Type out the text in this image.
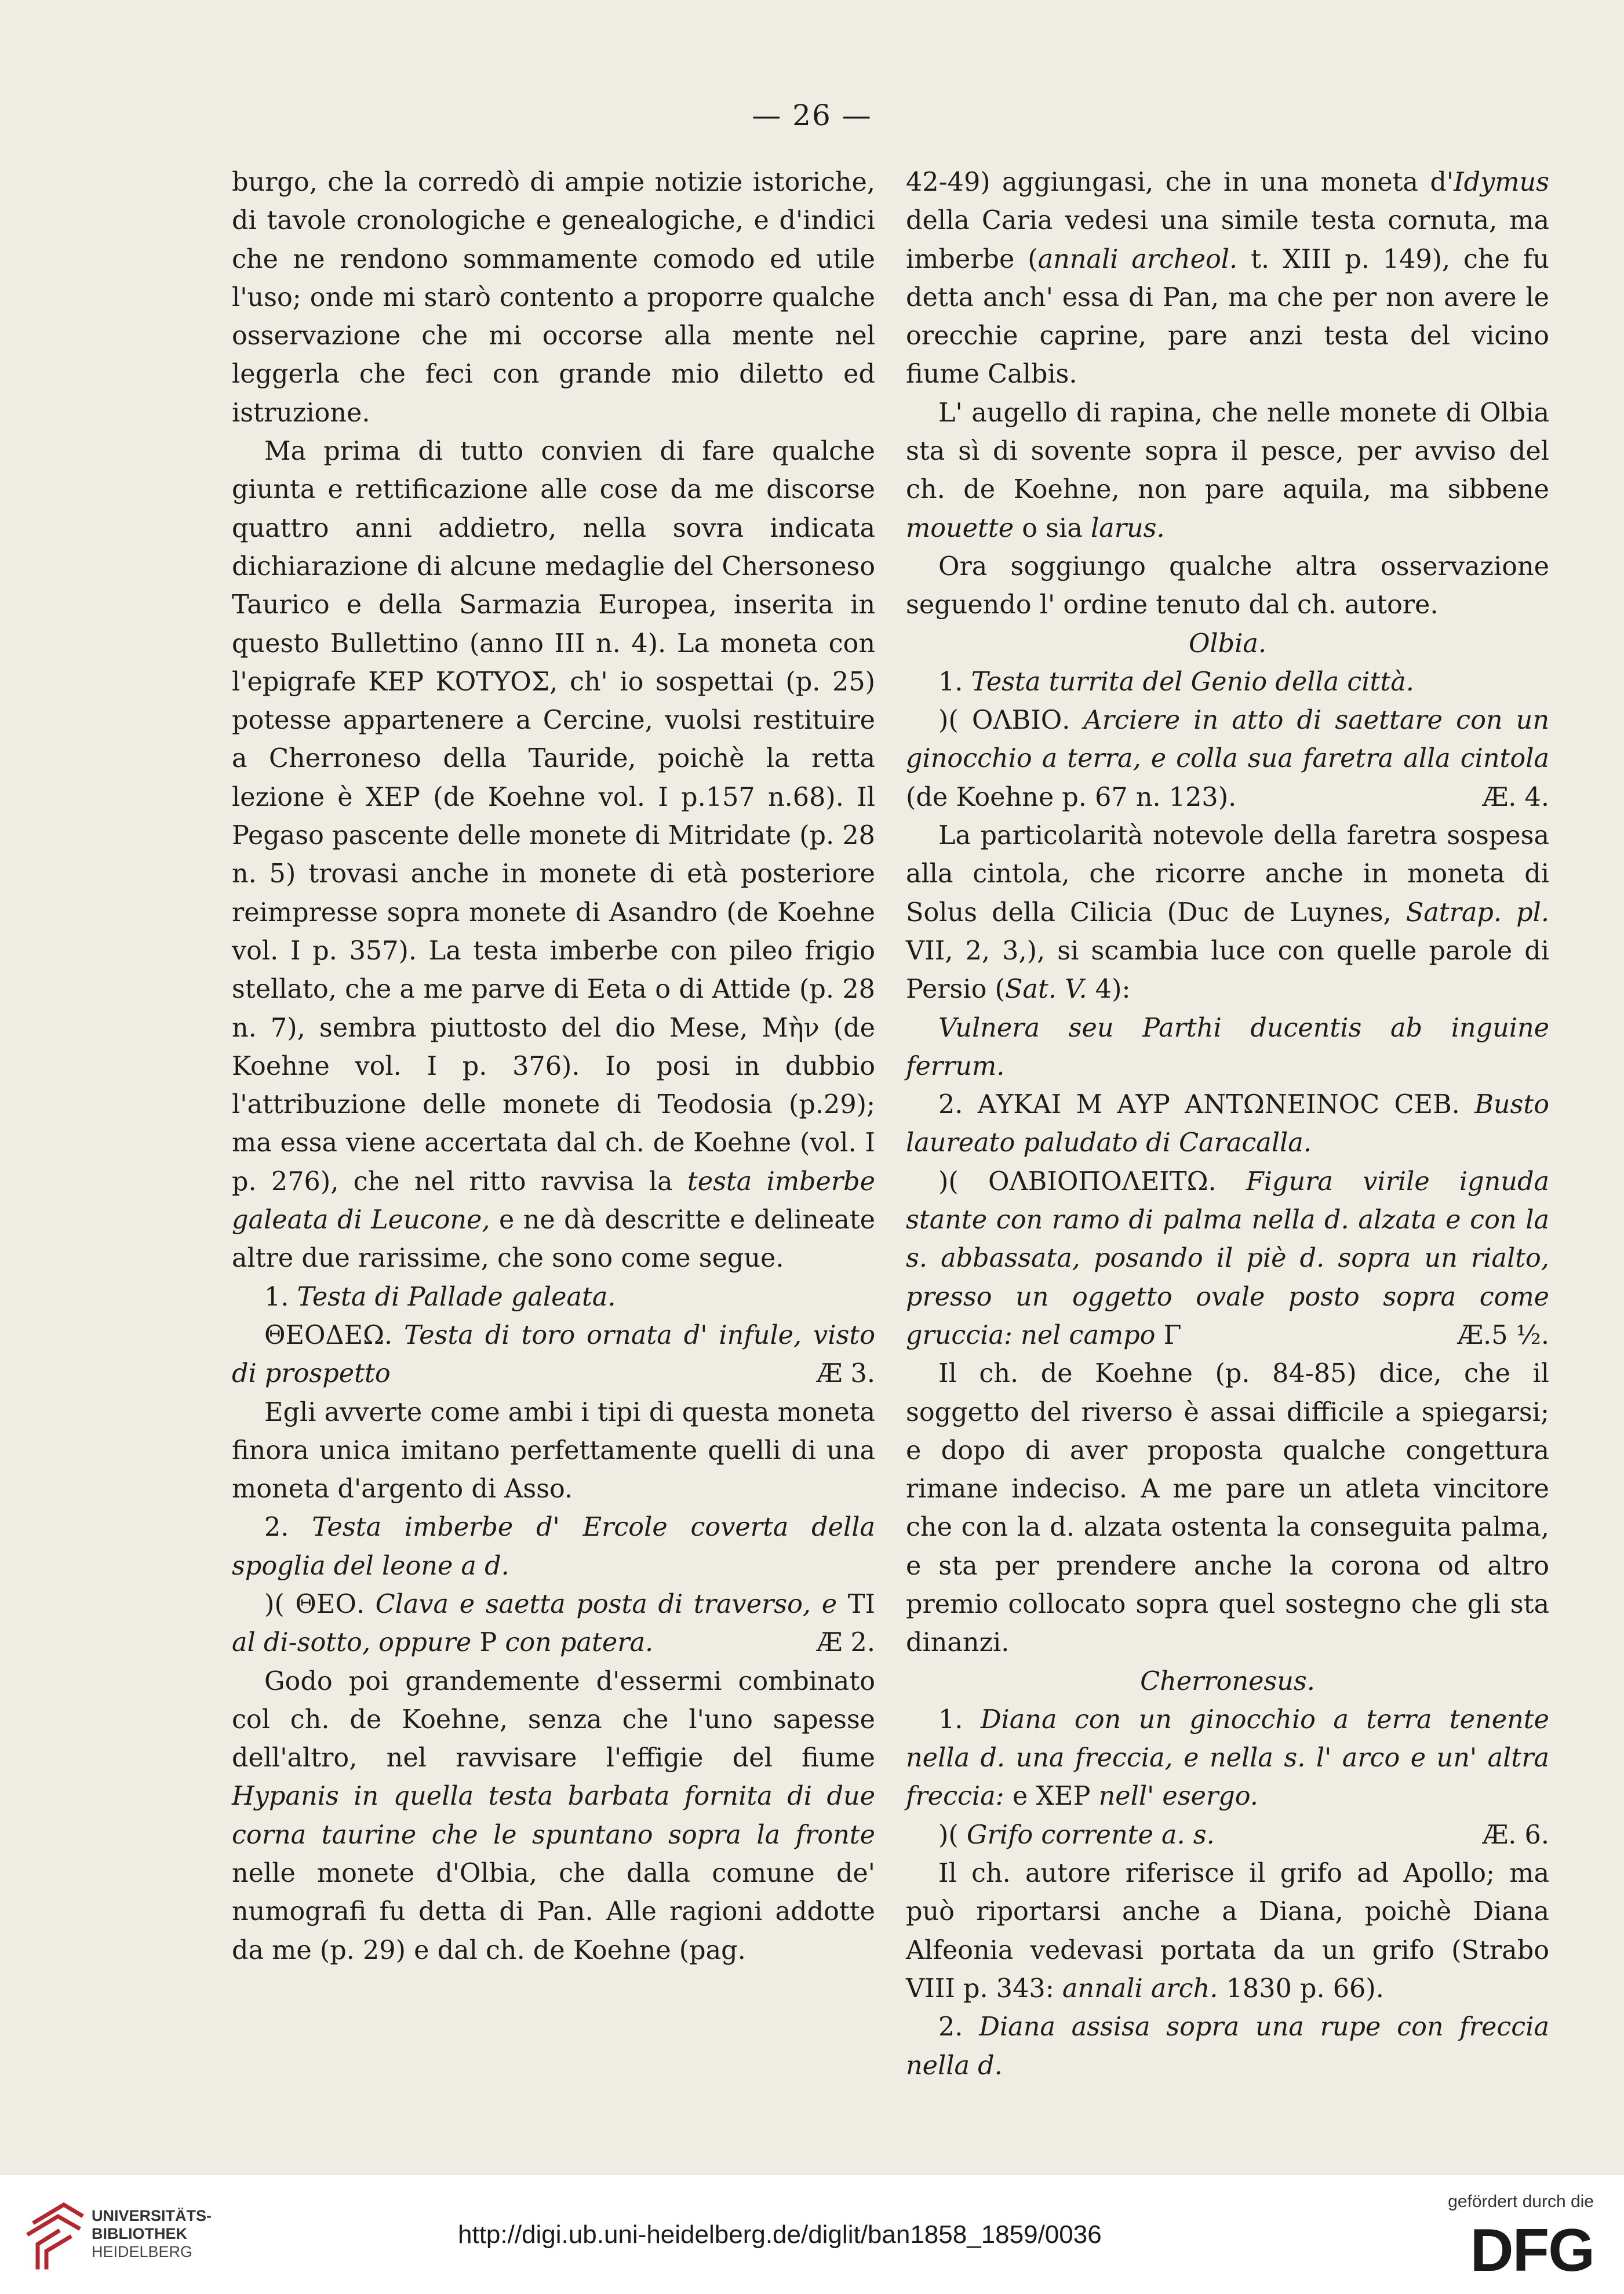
— 26 —

burgo, che la corredò di ampie notizie istoriche, di tavole cronologiche e genealogiche, e d'indici che ne rendono sommamente comodo ed utile l'uso; onde mi starò contento a proporre qualche osservazione che mi occorse alla mente nel leggerla che feci con grande mio diletto ed istruzione.

Ma prima di tutto convien di fare qualche giunta e rettificazione alle cose da me discorse quattro anni addietro, nella sovra indicata dichiarazione di alcune medaglie del Chersoneso Taurico e della Sarmazia Europea, inserita in questo Bullettino (anno III n. 4). La moneta con l'epigrafe ΚΕΡ ΚΟΤΥΟΣ, ch' io sospettai (p. 25) potesse appartenere a Cercine, vuolsi restituire a Cherroneso della Tauride, poichè la retta lezione è ΧΕΡ (de Koehne vol. I p.157 n.68). Il Pegaso pascente delle monete di Mitridate (p. 28 n. 5) trovasi anche in monete di età posteriore reimpresse sopra monete di Asandro (de Koehne vol. I p. 357). La testa imberbe con pileo frigio stellato, che a me parve di Eeta o di Attide (p. 28 n. 7), sembra piuttosto del dio Mese, Μὴν (de Koehne vol. I p. 376). Io posi in dubbio l'attribuzione delle monete di Teodosia (p.29); ma essa viene accertata dal ch. de Koehne (vol. I p. 276), che nel ritto ravvisa la testa imberbe galeata di Leucone, e ne dà descritte e delineate altre due rarissime, che sono come segue.

1. Testa di Pallade galeata.

ΘΕΟΔΕΩ. Testa di toro ornata d' infule, visto di prospetto	Æ 3.

Egli avverte come ambi i tipi di questa moneta finora unica imitano perfettamente quelli di una moneta d'argento di Asso.

2. Testa imberbe d' Ercole coverta della spoglia del leone a d.

)( ΘΕΟ. Clava e saetta posta di traverso, e TI al di-sotto, oppure P con patera.	Æ 2.

Godo poi grandemente d'essermi combinato col ch. de Koehne, senza che l'uno sapesse dell'altro, nel ravvisare l'effigie del fiume Hypanis in quella testa barbata fornita di due corna taurine che le spuntano sopra la fronte nelle monete d'Olbia, che dalla comune de' numografi fu detta di Pan. Alle ragioni addotte da me (p. 29) e dal ch. de Koehne (pag.

42-49) aggiungasi, che in una moneta d'Idymus della Caria vedesi una simile testa cornuta, ma imberbe (annali archeol. t. XIII p. 149), che fu detta anch' essa di Pan, ma che per non avere le orecchie caprine, pare anzi testa del vicino fiume Calbis.

L' augello di rapina, che nelle monete di Olbia sta sì di sovente sopra il pesce, per avviso del ch. de Koehne, non pare aquila, ma sibbene mouette o sia larus.

Ora soggiungo qualche altra osservazione seguendo l' ordine tenuto dal ch. autore.

Olbia.

1. Testa turrita del Genio della città.

)( ΟΛΒΙΟ. Arciere in atto di saettare con un ginocchio a terra, e colla sua faretra alla cintola (de Koehne p. 67 n. 123).	Æ. 4.

La particolarità notevole della faretra sospesa alla cintola, che ricorre anche in moneta di Solus della Cilicia (Duc de Luynes, Satrap. pl. VII, 2, 3,), si scambia luce con quelle parole di Persio (Sat. V. 4):

Vulnera seu Parthi ducentis ab inguine ferrum.

2. ΑΥΚΑΙ Μ ΑΥΡ ΑΝΤΩΝΕΙΝΟϹ ϹΕΒ. Busto laureato paludato di Caracalla.

)( ΟΛΒΙΟΠΟΛΕΙΤΩ. Figura virile ignuda stante con ramo di palma nella d. alzata e con la s. abbassata, posando il piè d. sopra un rialto, presso un oggetto ovale posto sopra come gruccia: nel campo Γ	Æ.5 ½.

Il ch. de Koehne (p. 84-85) dice, che il soggetto del riverso è assai difficile a spiegarsi; e dopo di aver proposta qualche congettura rimane indeciso. A me pare un atleta vincitore che con la d. alzata ostenta la conseguita palma, e sta per prendere anche la corona od altro premio collocato sopra quel sostegno che gli sta dinanzi.

Cherronesus.

1. Diana con un ginocchio a terra tenente nella d. una freccia, e nella s. l' arco e un' altra freccia: e ΧΕΡ nell' esergo.

)( Grifo corrente a. s.	Æ. 6.

Il ch. autore riferisce il grifo ad Apollo; ma può riportarsi anche a Diana, poichè Diana Alfeonia vedevasi portata da un grifo (Strabo VIII p. 343: annali arch. 1830 p. 66).

2. Diana assisa sopra una rupe con freccia nella d.

UNIVERSITÄTS-
BIBLIOTHEK
HEIDELBERG
http://digi.ub.uni-heidelberg.de/diglit/ban1858_1859/0036
gefördert durch die
DFG
